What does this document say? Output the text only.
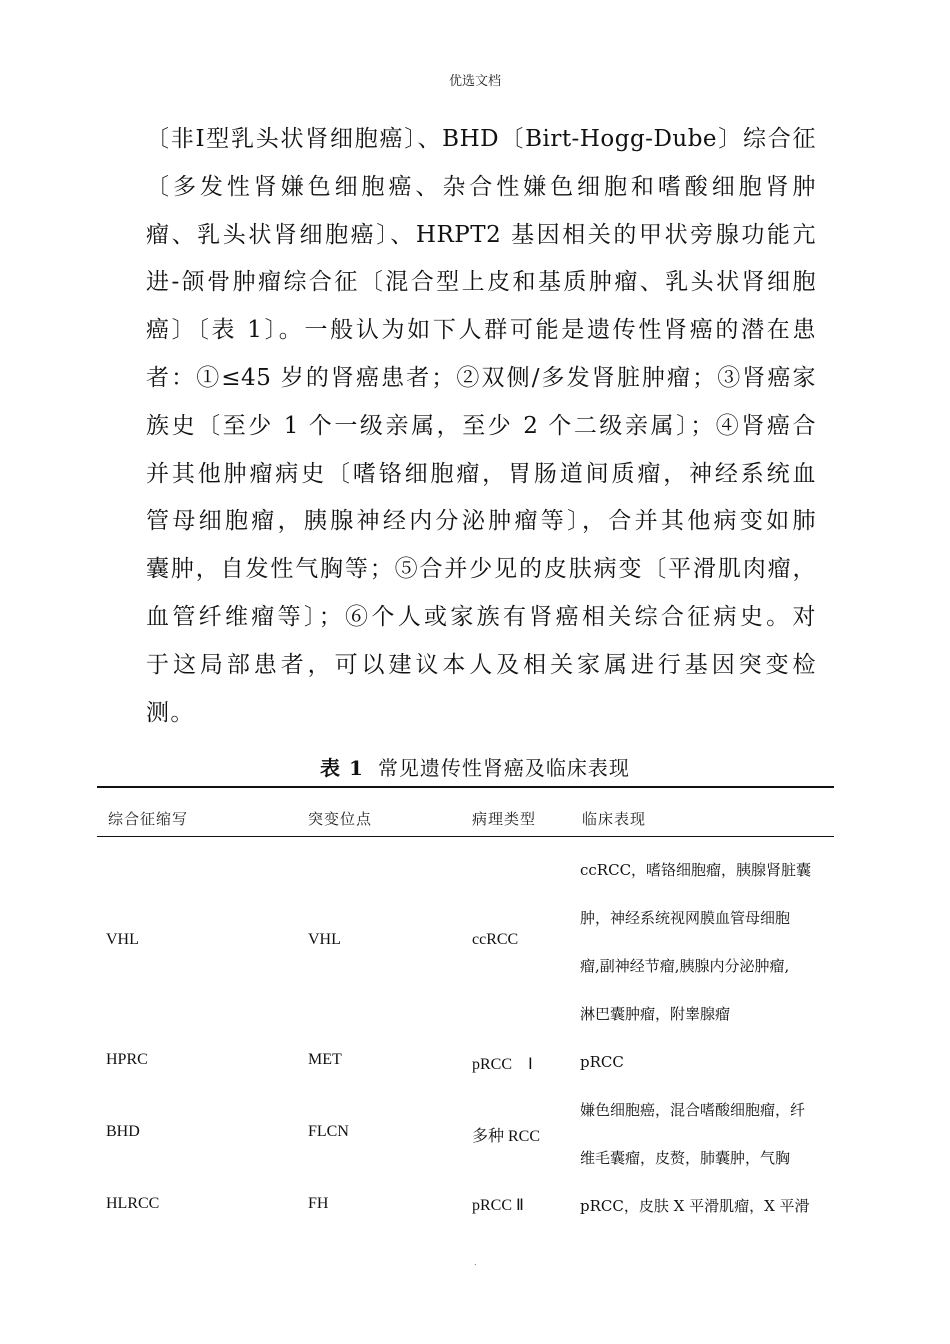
优选文档
〔非Ⅰ型乳头状肾细胞癌〕、BHD〔Birt-Hogg-Dube〕综合征
〔多发性肾嫌色细胞癌、杂合性嫌色细胞和嗜酸细胞肾肿
瘤、乳头状肾细胞癌〕、HRPT2 基因相关的甲状旁腺功能亢
进-颌骨肿瘤综合征〔混合型上皮和基质肿瘤、乳头状肾细胞
癌〕〔表 1〕。一般认为如下人群可能是遗传性肾癌的潜在患
者：①≤45 岁的肾癌患者；②双侧/多发肾脏肿瘤；③肾癌家
族史〔至少 1 个一级亲属，至少 2 个二级亲属〕；④肾癌合
并其他肿瘤病史〔嗜铬细胞瘤，胃肠道间质瘤，神经系统血
管母细胞瘤，胰腺神经内分泌肿瘤等〕，合并其他病变如肺
囊肿，自发性气胸等；⑤合并少见的皮肤病变〔平滑肌肉瘤，
血管纤维瘤等〕；⑥个人或家族有肾癌相关综合征病史。对
于这局部患者，可以建议本人及相关家属进行基因突变检
测。
表 1 常见遗传性肾癌及临床表现
综合征缩写	突变位点	病理类型	临床表现
VHL	VHL	ccRCC
ccRCC，嗜铬细胞瘤，胰腺肾脏囊
肿，神经系统视网膜血管母细胞
瘤,副神经节瘤,胰腺内分泌肿瘤,
淋巴囊肿瘤，附睾腺瘤
HPRC	MET	pRCC　Ⅰ	pRCC
BHD	FLCN	多种 RCC
嫌色细胞癌，混合嗜酸细胞瘤，纤
维毛囊瘤，皮赘，肺囊肿，气胸
HLRCC	FH	pRCC Ⅱ	pRCC，皮肤 X 平滑肌瘤，X 平滑
.
